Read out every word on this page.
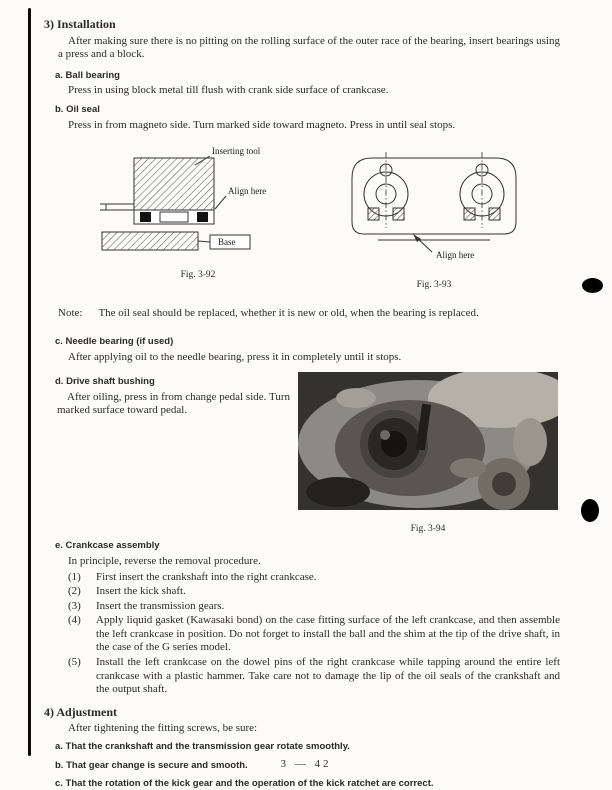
3) Installation

After making sure there is no pitting on the rolling surface of the outer race of the bearing, insert bearings using a press and a block.

a. Ball bearing

Press in using block metal till flush with crank side surface of crankcase.

b. Oil seal

Press in from magneto side. Turn marked side toward magneto. Press in until seal stops.

Inserting tool
Align here
Base
Fig. 3-92
Align here
Fig. 3-93

Note: The oil seal should be replaced, whether it is new or old, when the bearing is replaced.

c. Needle bearing (if used)

After applying oil to the needle bearing, press it in completely until it stops.

d. Drive shaft bushing

After oiling, press in from change pedal side. Turn marked surface toward pedal.

Fig. 3-94
e. Crankcase assembly

In principle, reverse the removal procedure.

(1)	First insert the crankshaft into the right crankcase.
(2)	Insert the kick shaft.
(3)	Insert the transmission gears.
(4)	Apply liquid gasket (Kawasaki bond) on the case fitting surface of the left crankcase, and then assemble the left crankcase in position. Do not forget to install the ball and the shim at the tip of the drive shaft, in the case of the G series model.
(5)	Install the left crankcase on the dowel pins of the right crankcase while tapping around the entire left crankcase with a plastic hammer. Take care not to damage the lip of the oil seals of the crankshaft and the output shaft.
4) Adjustment

After tightening the fitting screws, be sure:

a. That the crankshaft and the transmission gear rotate smoothly.
b. That gear change is secure and smooth.
c. That the rotation of the kick gear and the operation of the kick ratchet are correct.
3 — 42
